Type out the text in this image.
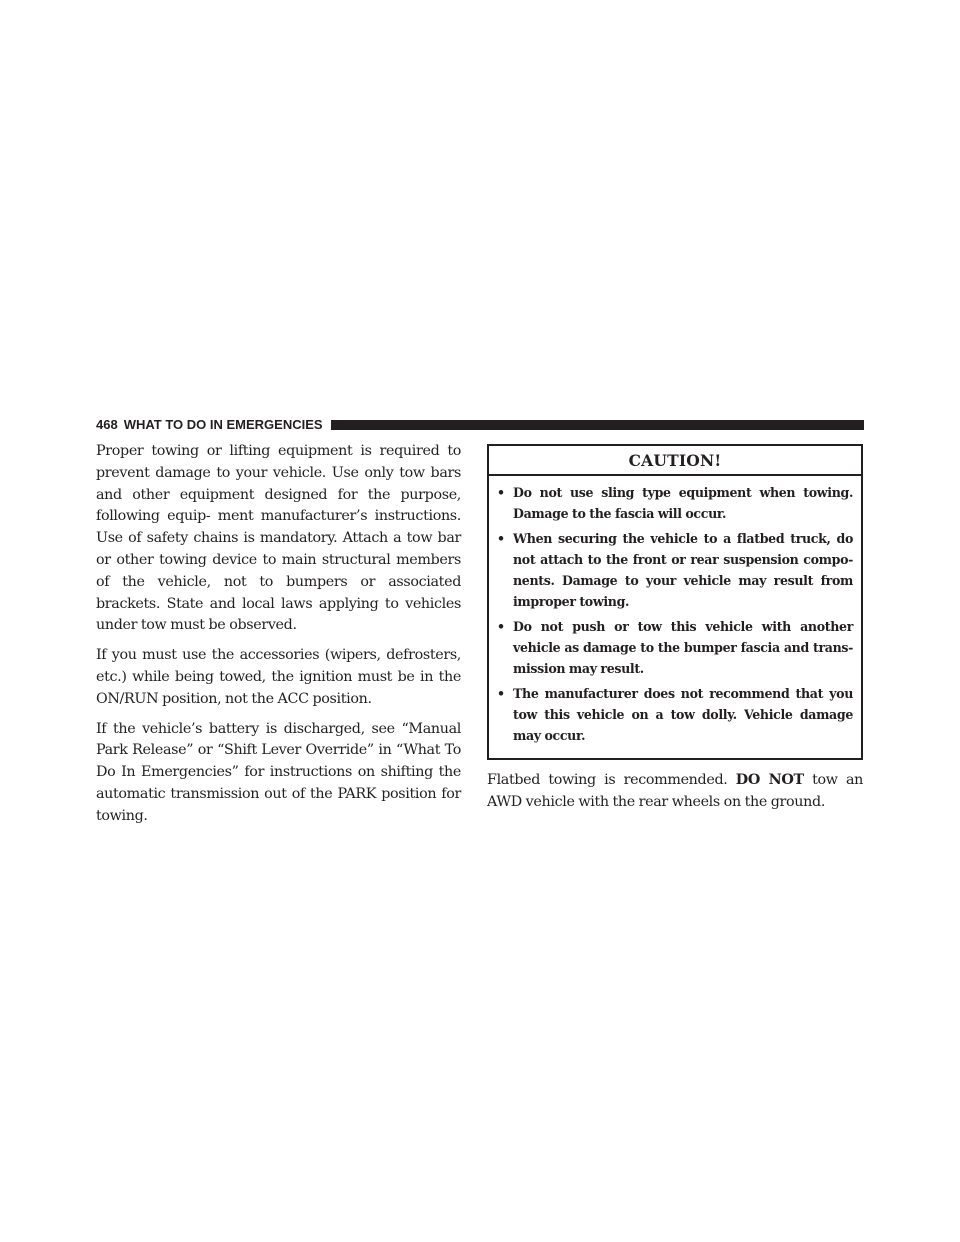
468 WHAT TO DO IN EMERGENCIES

Proper towing or lifting equipment is required to prevent damage to your vehicle. Use only tow bars and other equipment designed for the purpose, following equip- ment manufacturer’s instructions. Use of safety chains is mandatory. Attach a tow bar or other towing device to main structural members of the vehicle, not to bumpers or associated brackets. State and local laws applying to vehicles under tow must be observed.

If you must use the accessories (wipers, defrosters, etc.) while being towed, the ignition must be in the ON/RUN position, not the ACC position.

If the vehicle’s battery is discharged, see “Manual Park Release” or “Shift Lever Override” in “What To Do In Emergencies” for instructions on shifting the automatic transmission out of the PARK position for towing.

CAUTION!
• Do not use sling type equipment when towing. Damage to the fascia will occur.
• When securing the vehicle to a flatbed truck, do not attach to the front or rear suspension compo- nents. Damage to your vehicle may result from improper towing.
• Do not push or tow this vehicle with another vehicle as damage to the bumper fascia and trans- mission may result.
• The manufacturer does not recommend that you tow this vehicle on a tow dolly. Vehicle damage may occur.

Flatbed towing is recommended. DO NOT tow an AWD vehicle with the rear wheels on the ground.
